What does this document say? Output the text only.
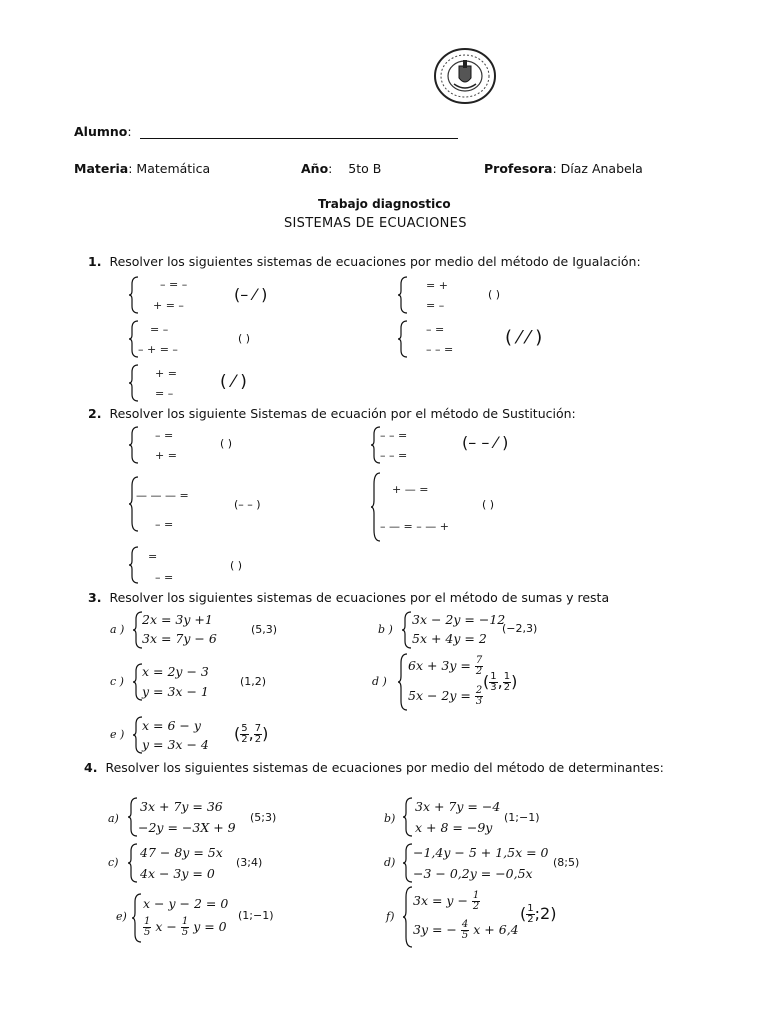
Alumno:
Materia: Matemática	Año:    5to B	Profesora: Díaz Anabela
Trabajo diagnostico
SISTEMAS DE ECUACIONES
1. Resolver los siguientes sistemas de ecuaciones por medio del método de Igualación:
– = –
+ = –
(– ⁄ )	= +
= –
( )
= –
– + = –
( )
– =
– – =
( ⁄ ⁄ )
+ =
= –
( ⁄ )
2. Resolver los siguiente Sistemas de ecuación por el método de Sustitución:
– =
+ =
( )
– – =
– – =
(– – ⁄ )
— — — =
– =
(– – )
+ — =
– — = – — +
( )
=
– =
( )
3. Resolver los siguientes sistemas de ecuaciones por el método de sumas y resta
a )
2x = 3y +1
3x = 7y − 6
(5,3)	b )
3x − 2y = −12
5x + 4y = 2
(−2,3)
c )
x = 2y − 3
y = 3x − 1
(1,2)	d )
$6x + 3y = \frac{7}{2}$
$5x - 2y = \frac{2}{3}$
( $\frac{1}{3}$ , $\frac{1}{2}$ )
e )
x = 6 − y
y = 3x − 4
( $\frac{5}{2}$ , $\frac{7}{2}$ )
4. Resolver los siguientes sistemas de ecuaciones por medio del método de determinantes:
a)
3x + 7y = 36
−2y = −3X + 9
(5;3)	b)
3x + 7y = −4
x + 8 = −9y
(1;−1)
c)
47 − 8y = 5x
4x − 3y = 0
(3;4)	d)
−1,4y − 5 + 1,5x = 0
−3 − 0,2y = −0,5x
(8;5)
e)
x − y − 2 = 0
$\frac{1}{5}$ $x - \frac{1}{5}$ y = 0
(1;−1)	f)
$3x = y - \frac{1}{2}$
3y = − $\frac{4}{5}$ x + 6,4
( $\frac{1}{2}$ ;2)
